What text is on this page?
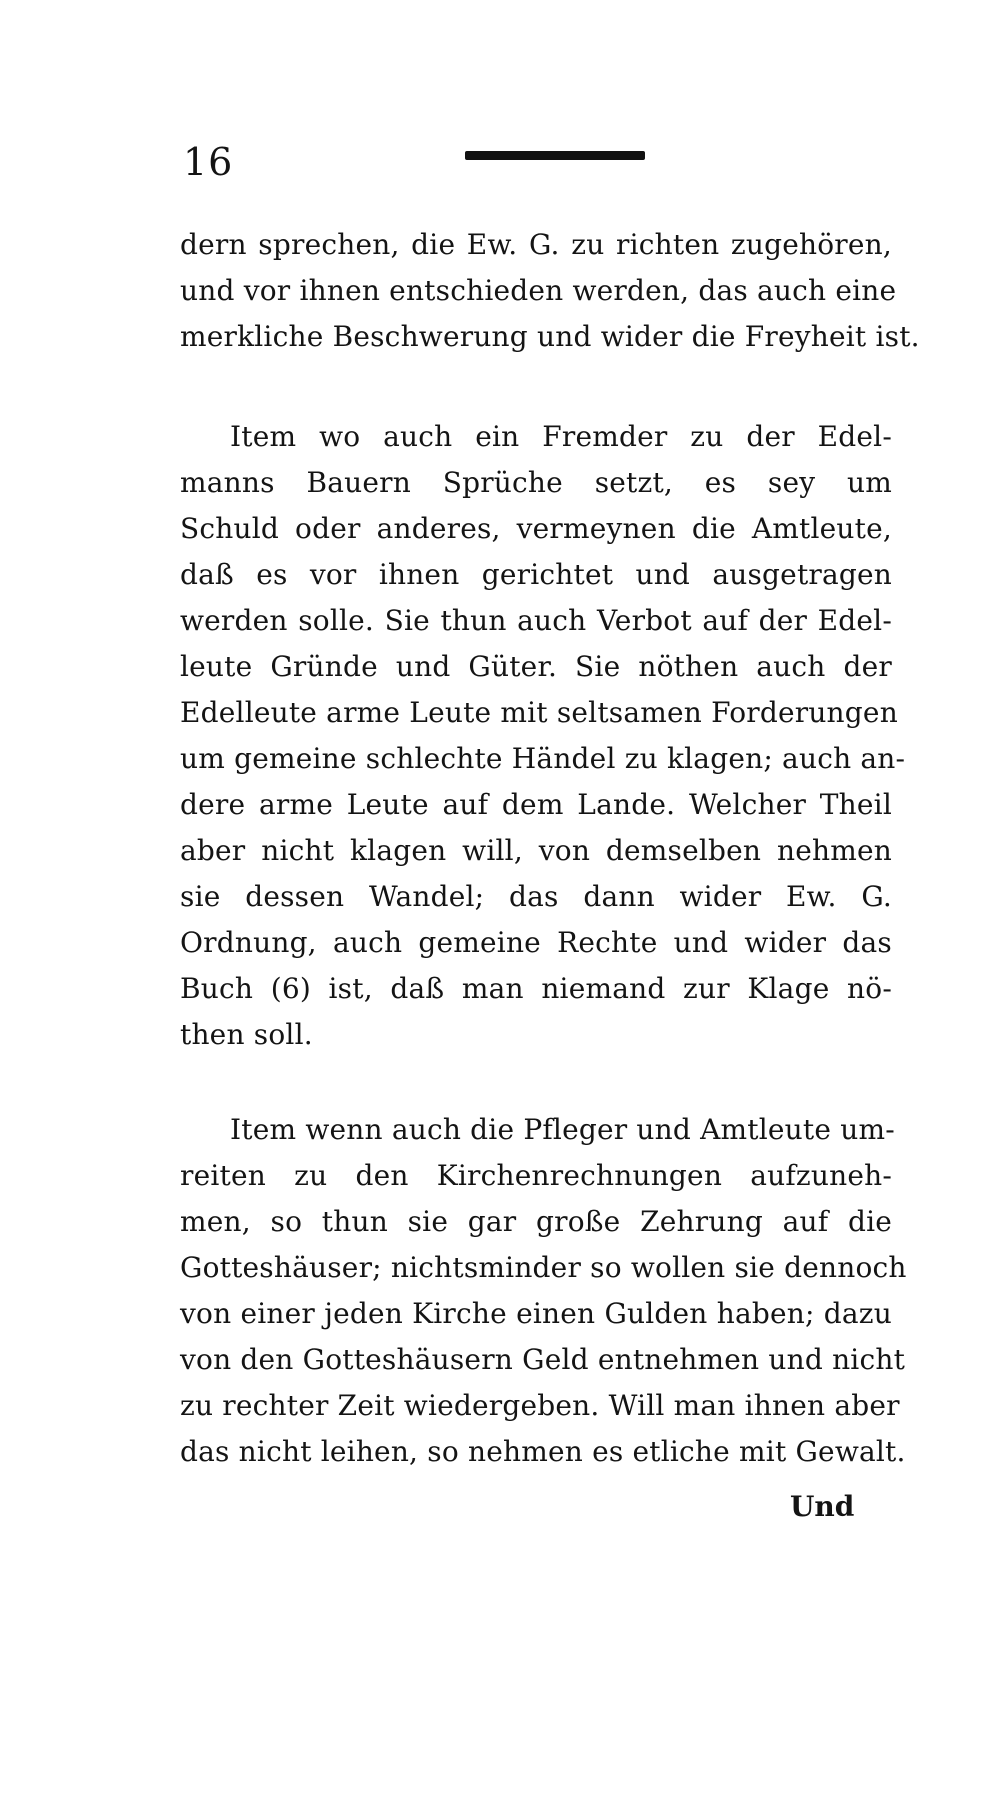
16
dern sprechen, die Ew. G. zu richten zugehören,
und vor ihnen entschieden werden, das auch eine
merkliche Beschwerung und wider die Freyheit ist.
Item wo auch ein Fremder zu der Edel-
manns Bauern Sprüche setzt, es sey um
Schuld oder anderes, vermeynen die Amtleute,
daß es vor ihnen gerichtet und ausgetragen
werden solle. Sie thun auch Verbot auf der Edel-
leute Gründe und Güter. Sie nöthen auch der
Edelleute arme Leute mit seltsamen Forderungen
um gemeine schlechte Händel zu klagen; auch an-
dere arme Leute auf dem Lande. Welcher Theil
aber nicht klagen will, von demselben nehmen
sie dessen Wandel; das dann wider Ew. G.
Ordnung, auch gemeine Rechte und wider das
Buch (6) ist, daß man niemand zur Klage nö-
then soll.
Item wenn auch die Pfleger und Amtleute um-
reiten zu den Kirchenrechnungen aufzuneh-
men, so thun sie gar große Zehrung auf die
Gotteshäuser; nichtsminder so wollen sie dennoch
von einer jeden Kirche einen Gulden haben; dazu
von den Gotteshäusern Geld entnehmen und nicht
zu rechter Zeit wiedergeben. Will man ihnen aber
das nicht leihen, so nehmen es etliche mit Gewalt.
Und
